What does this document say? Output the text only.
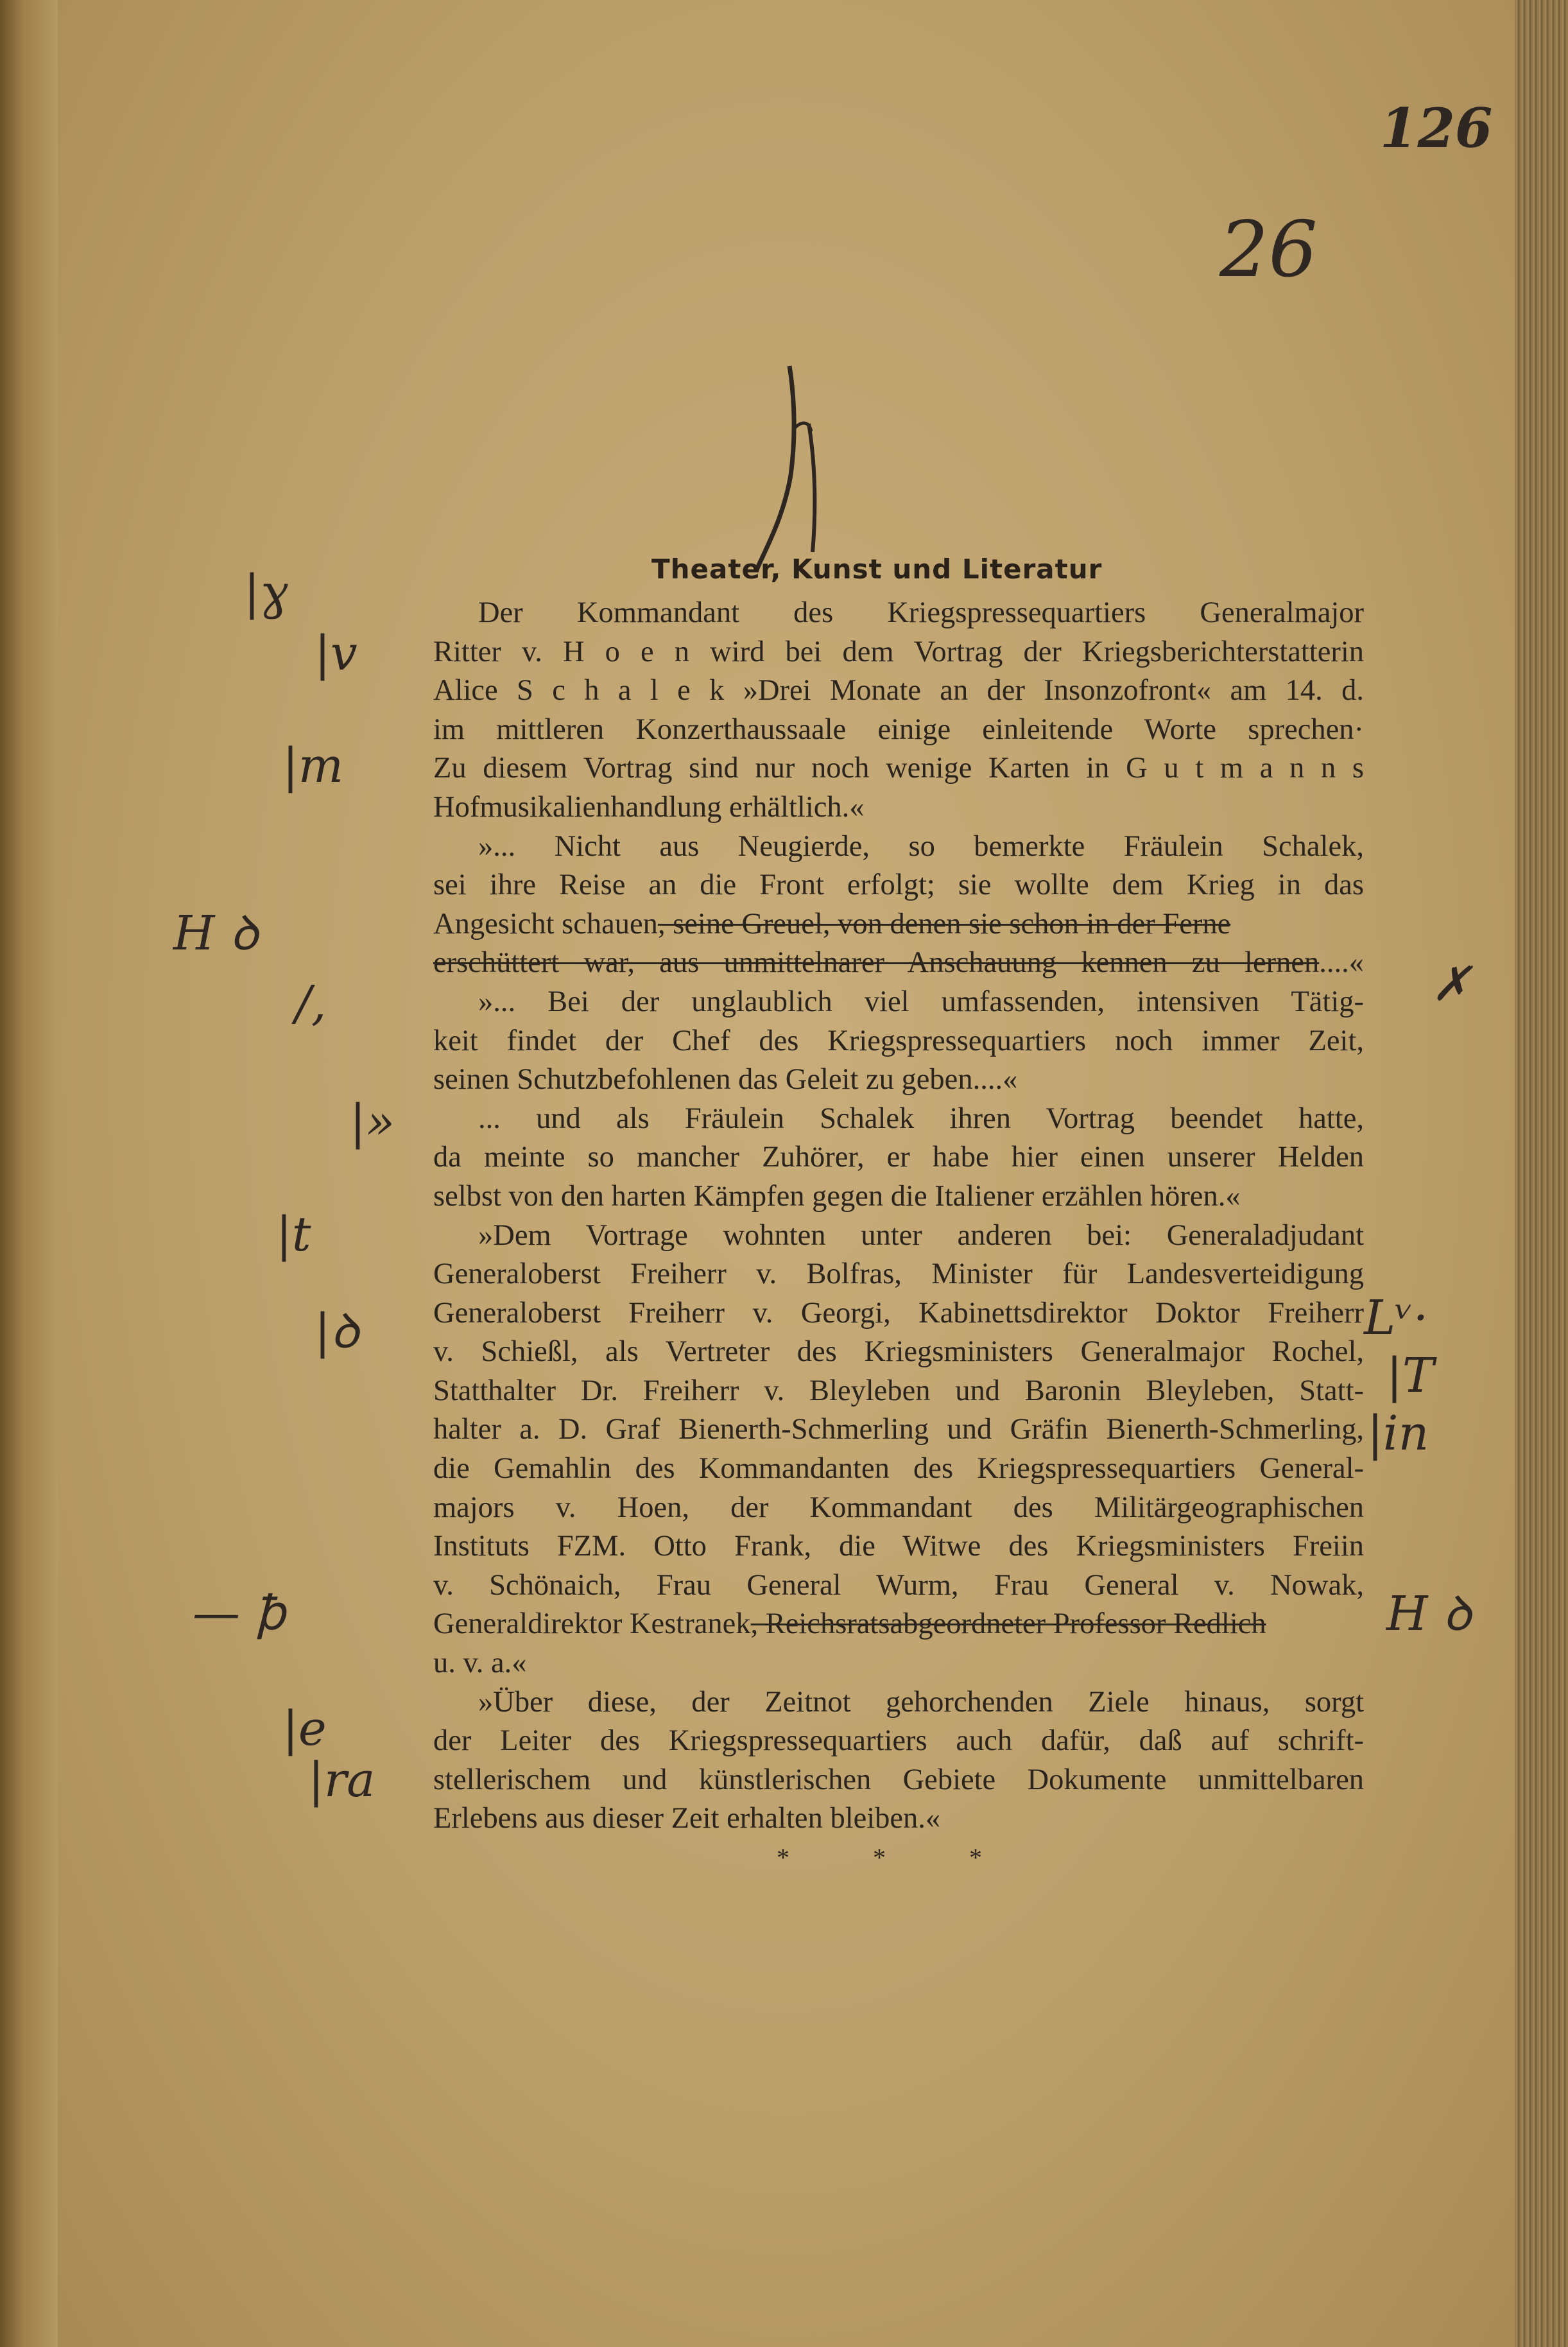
126
26
Theater, Kunst und Literatur
Der Kommandant des Kriegspressequartiers Generalmajor
Ritter v. H o e n wird bei dem Vortrag der Kriegsberichterstatterin
Alice S c h a l e k »Drei Monate an der Insonzofront« am 14. d.
im mittleren Konzerthaussaale einige einleitende Worte sprechen·
Zu diesem Vortrag sind nur noch wenige Karten in G u t m a n n s
Hofmusikalienhandlung erhältlich.«
»... Nicht aus Neugierde, so bemerkte Fräulein Schalek,
sei ihre Reise an die Front erfolgt; sie wollte dem Krieg in das
Angesicht schauen, seine Greuel, von denen sie schon in der Ferne
erschüttert war, aus unmittelnarer Anschauung kennen zu lernen....«
»... Bei der unglaublich viel umfassenden, intensiven Tätig-
keit findet der Chef des Kriegspressequartiers noch immer Zeit,
seinen Schutzbefohlenen das Geleit zu geben....«
... und als Fräulein Schalek ihren Vortrag beendet hatte,
da meinte so mancher Zuhörer, er habe hier einen unserer Helden
selbst von den harten Kämpfen gegen die Italiener erzählen hören.«
»Dem Vortrage wohnten unter anderen bei: Generaladjudant
Generaloberst Freiherr v. Bolfras, Minister für Landesverteidigung
Generaloberst Freiherr v. Georgi, Kabinettsdirektor Doktor Freiherr
v. Schießl, als Vertreter des Kriegsministers Generalmajor Rochel,
Statthalter Dr. Freiherr v. Bleyleben und Baronin Bleyleben, Statt-
halter a. D. Graf Bienerth-Schmerling und Gräfin Bienerth-Schmerling,
die Gemahlin des Kommandanten des Kriegspressequartiers General-
majors v. Hoen, der Kommandant des Militärgeographischen
Instituts FZM. Otto Frank, die Witwe des Kriegsministers Freiin
v. Schönaich, Frau General Wurm, Frau General v. Nowak,
Generaldirektor Kestranek, Reichsratsabgeordneter Professor Redlich
u. v. a.«
»Über diese, der Zeitnot gehorchenden Ziele hinaus, sorgt
der Leiter des Kriegspressequartiers auch dafür, daß auf schrift-
stellerischem und künstlerischen Gebiete Dokumente unmittelbaren
Erlebens aus dieser Zeit erhalten bleiben.«
* * *
|ɣ
|v
|m
H ꝺ
/,
|»
|t
|ꝺ
— ꝥ
|e
|ra
✗
Lᵛ·
|T
|in
H ꝺ
